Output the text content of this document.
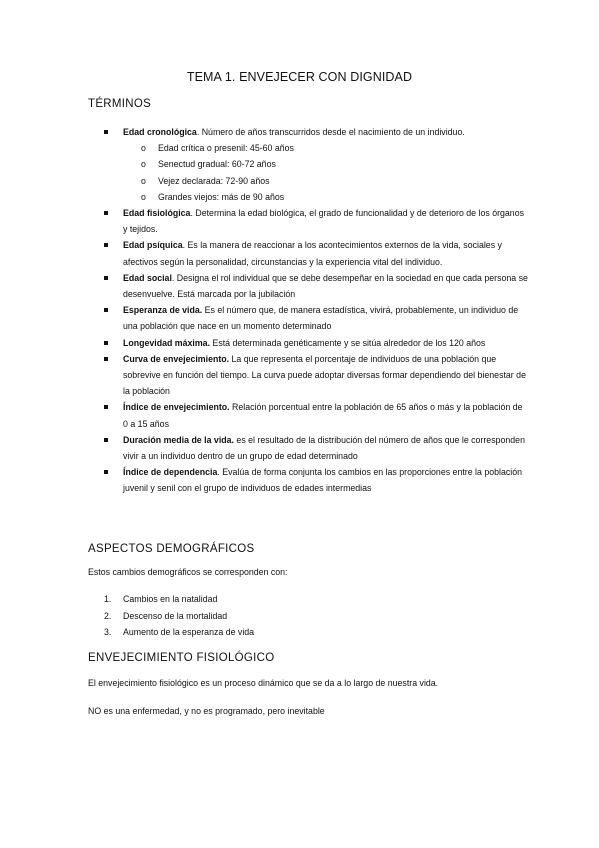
TEMA 1. ENVEJECER CON DIGNIDAD
TÉRMINOS
Edad cronológica. Número de años transcurridos desde el nacimiento de un individuo.
o Edad crítica o presenil: 45-60 años
o Senectud gradual: 60-72 años
o Vejez declarada: 72-90 años
o Grandes viejos: más de 90 años
Edad fisiológica. Determina la edad biológica, el grado de funcionalidad y de deterioro de los órganos y tejidos.
Edad psíquica. Es la manera de reaccionar a los acontecimientos externos de la vida, sociales y afectivos según la personalidad, circunstancias y la experiencia vital del individuo.
Edad social. Designa el rol individual que se debe desempeñar en la sociedad en que cada persona se desenvuelve. Está marcada por la jubilación
Esperanza de vida. Es el número que, de manera estadística, vivirá, probablemente, un individuo de una población que nace en un momento determinado
Longevidad máxima. Está determinada genéticamente y se sitúa alrededor de los 120 años
Curva de envejecimiento. La que representa el porcentaje de individuos de una población que sobrevive en función del tiempo. La curva puede adoptar diversas formar dependiendo del bienestar de la población
Índice de envejecimiento. Relación porcentual entre la población de 65 años o más y la población de 0 a 15 años
Duración media de la vida. es el resultado de la distribución del número de años que le corresponden vivir a un individuo dentro de un grupo de edad determinado
Índice de dependencia. Evalúa de forma conjunta los cambios en las proporciones entre la población juvenil y senil con el grupo de individuos de edades intermedias
ASPECTOS DEMOGRÁFICOS
Estos cambios demográficos se corresponden con:
1. Cambios en la natalidad
2. Descenso de la mortalidad
3. Aumento de la esperanza de vida
ENVEJECIMIENTO FISIOLÓGICO
El envejecimiento fisiológico es un proceso dinámico que se da a lo largo de nuestra vida.
NO es una enfermedad, y no es programado, pero inevitable
